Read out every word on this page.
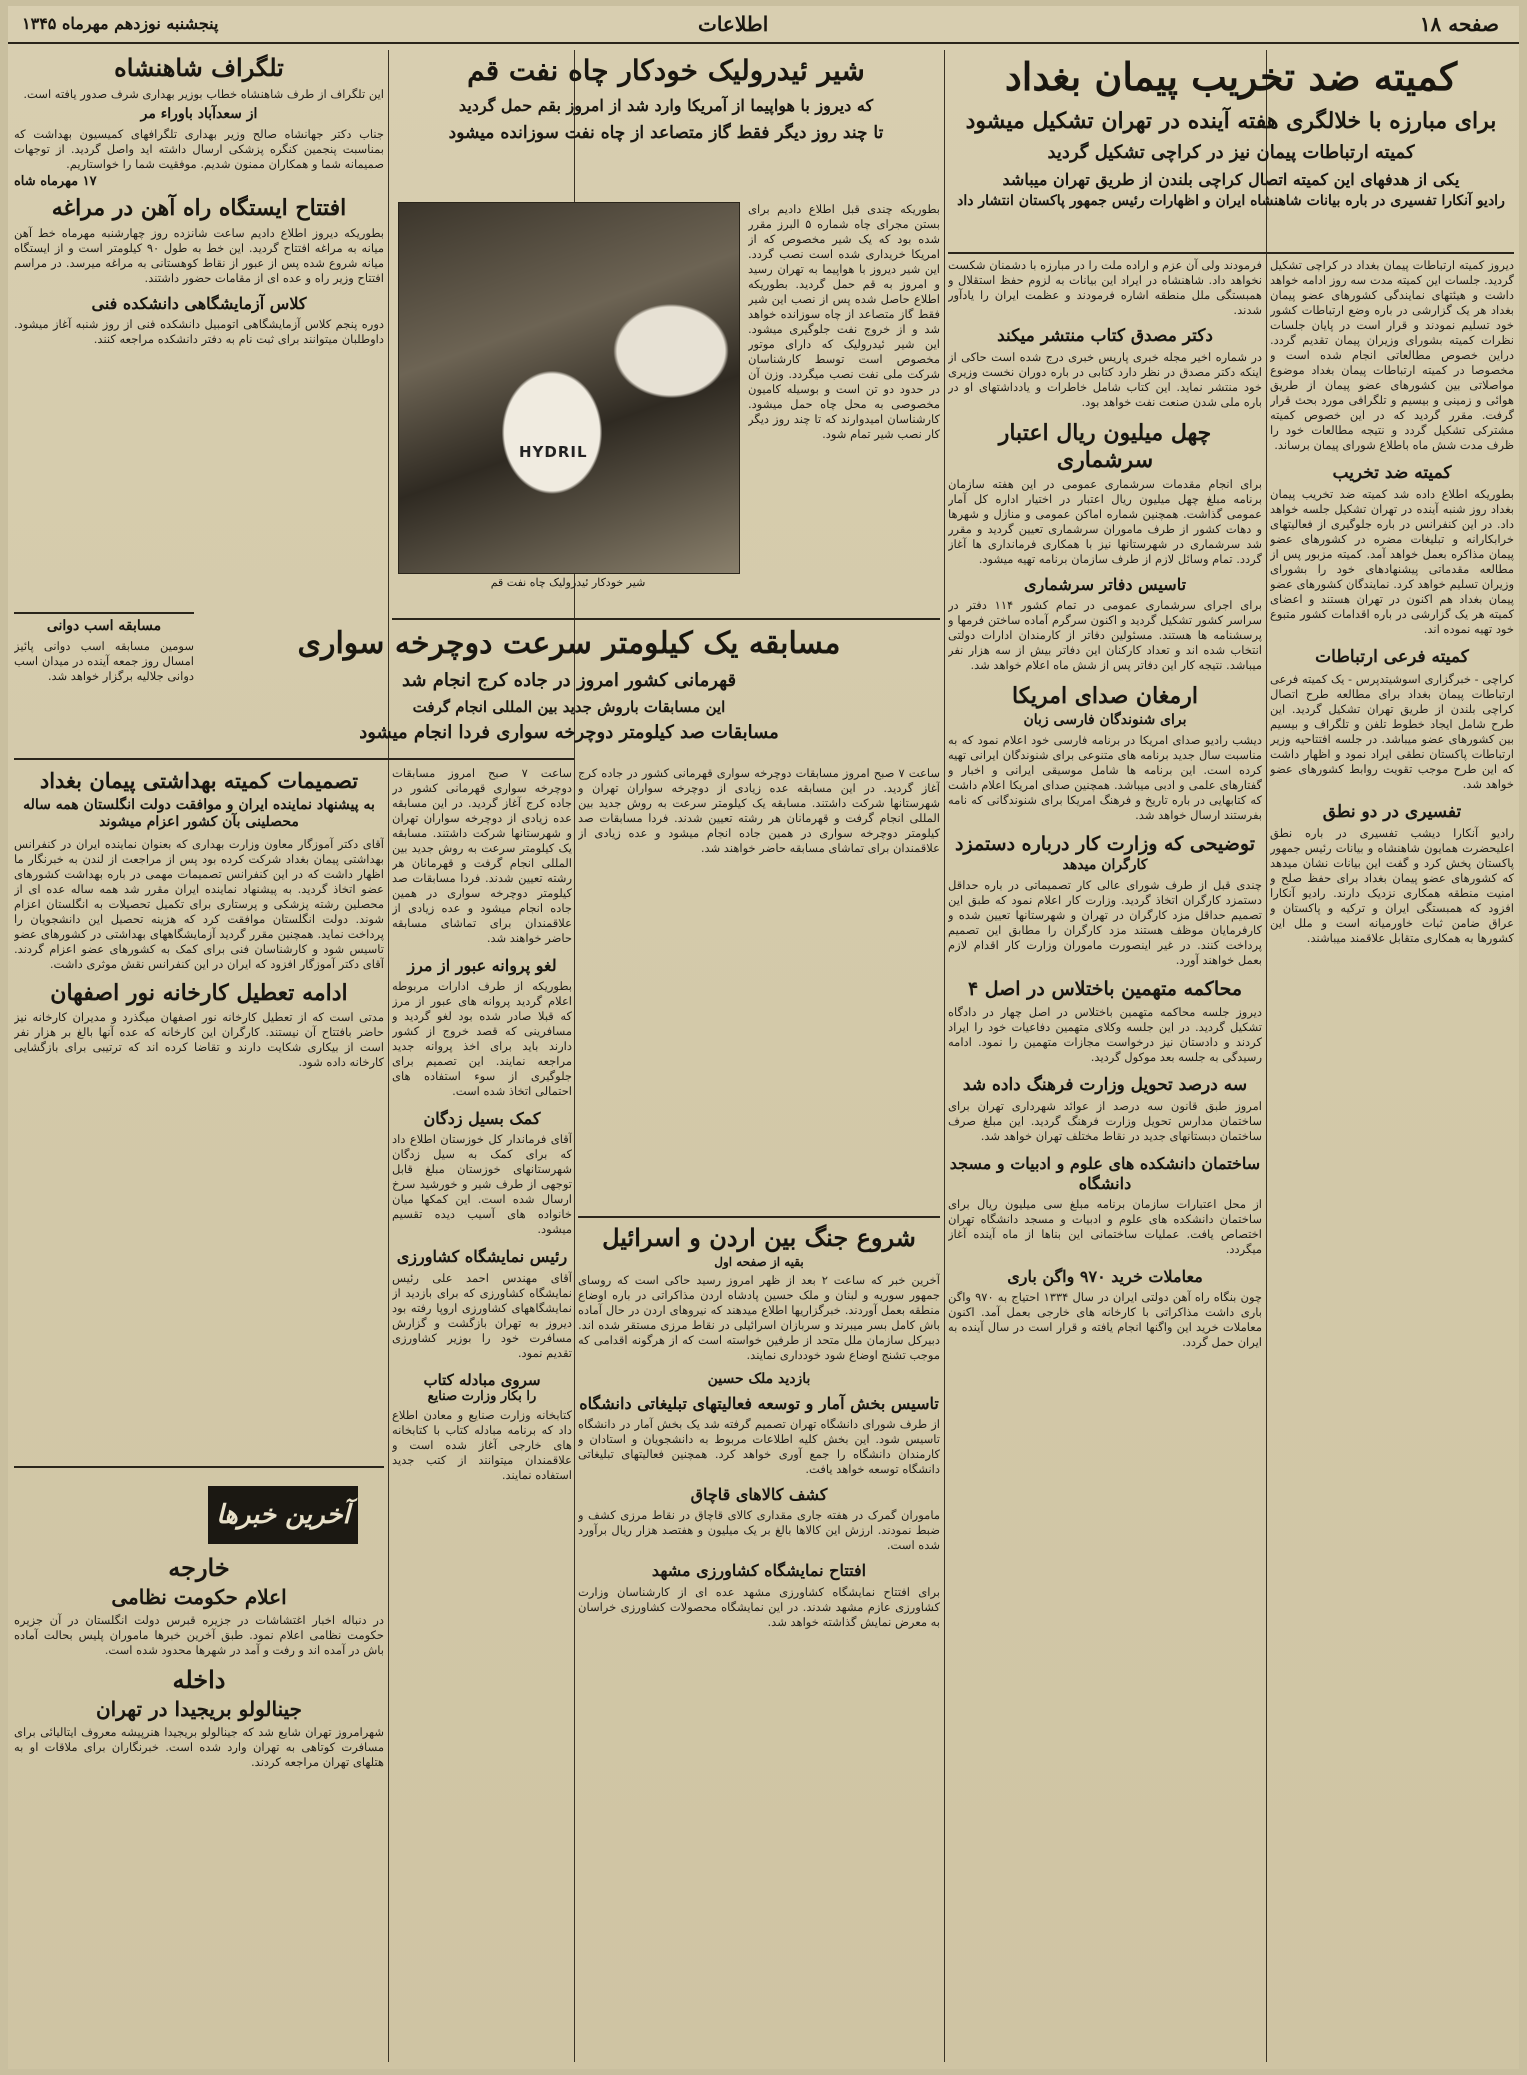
صفحه ۱۸
اطلاعات
پنجشنبه نوزدهم مهرماه ۱۳۴۵
کمیته ضد تخریب پیمان بغداد
برای مبارزه با خلالگری هفته آینده در تهران تشکیل میشود
کمیته ارتباطات پیمان نیز در کراچی تشکیل گردید
یکی از هدفهای این کمیته اتصال کراچی بلندن از طریق تهران میباشد
رادیو آنکارا تفسیری در باره بیانات شاهنشاه ایران و اظهارات رئیس جمهور پاکستان انتشار داد

دیروز کمیته ارتباطات پیمان بغداد در کراچی تشکیل گردید. جلسات این کمیته مدت سه روز ادامه خواهد داشت و هیئتهای نمایندگی کشورهای عضو پیمان بغداد هر یک گزارشی در باره وضع ارتباطات کشور خود تسلیم نمودند و قرار است در پایان جلسات نظرات کمیته بشورای وزیران پیمان تقدیم گردد. دراین خصوص مطالعاتی انجام شده است و مخصوصا در کمیته ارتباطات پیمان بغداد موضوع مواصلاتی بین کشورهای عضو پیمان از طریق هوائی و زمینی و بیسیم و تلگرافی مورد بحث قرار گرفت. مقرر گردید که در این خصوص کمیته مشترکی تشکیل گردد و نتیجه مطالعات خود را ظرف مدت شش ماه باطلاع شورای پیمان برساند.

کمیته ضد تخریب

بطوریکه اطلاع داده شد کمیته ضد تخریب پیمان بغداد روز شنبه آینده در تهران تشکیل جلسه خواهد داد. در این کنفرانس در باره جلوگیری از فعالیتهای خرابکارانه و تبلیغات مضره در کشورهای عضو پیمان مذاکره بعمل خواهد آمد. کمیته مزبور پس از مطالعه مقدماتی پیشنهادهای خود را بشورای وزیران تسلیم خواهد کرد. نمایندگان کشورهای عضو پیمان بغداد هم اکنون در تهران هستند و اعضای کمیته هر یک گزارشی در باره اقدامات کشور متبوع خود تهیه نموده اند.

کمیته فرعی ارتباطات

کراچی - خبرگزاری اسوشیتدپرس - یک کمیته فرعی ارتباطات پیمان بغداد برای مطالعه طرح اتصال کراچی بلندن از طریق تهران تشکیل گردید. این طرح شامل ایجاد خطوط تلفن و تلگراف و بیسیم بین کشورهای عضو میباشد. در جلسه افتتاحیه وزیر ارتباطات پاکستان نطقی ایراد نمود و اظهار داشت که این طرح موجب تقویت روابط کشورهای عضو خواهد شد.

تفسیری در دو نطق

رادیو آنکارا دیشب تفسیری در باره نطق اعلیحضرت همایون شاهنشاه و بیانات رئیس جمهور پاکستان پخش کرد و گفت این بیانات نشان میدهد که کشورهای عضو پیمان بغداد برای حفظ صلح و امنیت منطقه همکاری نزدیک دارند. رادیو آنکارا افزود که همبستگی ایران و ترکیه و پاکستان و عراق ضامن ثبات خاورمیانه است و ملل این کشورها به همکاری متقابل علاقمند میباشند.

فرمودند ولی آن عزم و اراده ملت را در مبارزه با دشمنان شکست نخواهد داد. شاهنشاه در ایراد این بیانات به لزوم حفظ استقلال و همبستگی ملل منطقه اشاره فرمودند و عظمت ایران را یادآور شدند.

دکتر مصدق کتاب منتشر میکند

در شماره اخیر مجله خبری پاریس خبری درج شده است حاکی از اینکه دکتر مصدق در نظر دارد کتابی در باره دوران نخست وزیری خود منتشر نماید. این کتاب شامل خاطرات و یادداشتهای او در باره ملی شدن صنعت نفت خواهد بود.

چهل میلیون ریال اعتبار سرشماری

برای انجام مقدمات سرشماری عمومی در این هفته سازمان برنامه مبلغ چهل میلیون ریال اعتبار در اختیار اداره کل آمار عمومی گذاشت. همچنین شماره اماکن عمومی و منازل و شهرها و دهات کشور از طرف ماموران سرشماری تعیین گردید و مقرر شد سرشماری در شهرستانها نیز با همکاری فرمانداری ها آغاز گردد. تمام وسائل لازم از طرف سازمان برنامه تهیه میشود.

تاسیس دفاتر سرشماری

برای اجرای سرشماری عمومی در تمام کشور ۱۱۴ دفتر در سراسر کشور تشکیل گردید و اکنون سرگرم آماده ساختن فرمها و پرسشنامه ها هستند. مسئولین دفاتر از کارمندان ادارات دولتی انتخاب شده اند و تعداد کارکنان این دفاتر بیش از سه هزار نفر میباشد. نتیجه کار این دفاتر پس از شش ماه اعلام خواهد شد.

ارمغان صدای امریکا
برای شنوندگان فارسی زبان

دیشب رادیو صدای امریکا در برنامه فارسی خود اعلام نمود که به مناسبت سال جدید برنامه های متنوعی برای شنوندگان ایرانی تهیه کرده است. این برنامه ها شامل موسیقی ایرانی و اخبار و گفتارهای علمی و ادبی میباشد. همچنین صدای امریکا اعلام داشت که کتابهایی در باره تاریخ و فرهنگ امریکا برای شنوندگانی که نامه بفرستند ارسال خواهد شد.

توضیحی که وزارت کار درباره دستمزد
کارگران میدهد

چندی قبل از طرف شورای عالی کار تصمیماتی در باره حداقل دستمزد کارگران اتخاذ گردید. وزارت کار اعلام نمود که طبق این تصمیم حداقل مزد کارگران در تهران و شهرستانها تعیین شده و کارفرمایان موظف هستند مزد کارگران را مطابق این تصمیم پرداخت کنند. در غیر اینصورت ماموران وزارت کار اقدام لازم بعمل خواهند آورد.

محاکمه متهمین باختلاس در اصل ۴

دیروز جلسه محاکمه متهمین باختلاس در اصل چهار در دادگاه تشکیل گردید. در این جلسه وکلای متهمین دفاعیات خود را ایراد کردند و دادستان نیز درخواست مجازات متهمین را نمود. ادامه رسیدگی به جلسه بعد موکول گردید.

سه درصد تحویل وزارت فرهنگ داده شد

امروز طبق قانون سه درصد از عوائد شهرداری تهران برای ساختمان مدارس تحویل وزارت فرهنگ گردید. این مبلغ صرف ساختمان دبستانهای جدید در نقاط مختلف تهران خواهد شد.

ساختمان دانشکده های علوم و ادبیات و مسجد دانشگاه

از محل اعتبارات سازمان برنامه مبلغ سی میلیون ریال برای ساختمان دانشکده های علوم و ادبیات و مسجد دانشگاه تهران اختصاص یافت. عملیات ساختمانی این بناها از ماه آینده آغاز میگردد.

معاملات خرید ۹۷۰ واگن باری

چون بنگاه راه آهن دولتی ایران در سال ۱۳۳۴ احتیاج به ۹۷۰ واگن باری داشت مذاکراتی با کارخانه های خارجی بعمل آمد. اکنون معاملات خرید این واگنها انجام یافته و قرار است در سال آینده به ایران حمل گردد.

شیر ئیدرولیک خودکار چاه نفت قم
که دیروز با هواپیما از آمریکا وارد شد از امروز بقم حمل گردید
تا چند روز دیگر فقط گاز متصاعد از چاه نفت سوزانده میشود
HYDRIL
شیر خودکار ئیدرولیک چاه نفت قم

بطوریکه چندی قبل اطلاع دادیم برای بستن مجرای چاه شماره ۵ البرز مقرر شده بود که یک شیر مخصوص که از امریکا خریداری شده است نصب گردد. این شیر دیروز با هواپیما به تهران رسید و امروز به قم حمل گردید. بطوریکه اطلاع حاصل شده پس از نصب این شیر فقط گاز متصاعد از چاه سوزانده خواهد شد و از خروج نفت جلوگیری میشود. این شیر ئیدرولیک که دارای موتور مخصوص است توسط کارشناسان شرکت ملی نفت نصب میگردد. وزن آن در حدود دو تن است و بوسیله کامیون مخصوصی به محل چاه حمل میشود. کارشناسان امیدوارند که تا چند روز دیگر کار نصب شیر تمام شود.

مسابقه یک کیلومتر سرعت دوچرخه سواری
قهرمانی کشور امروز در جاده کرج انجام شد
این مسابقات باروش جدید بین المللی انجام گرفت
مسابقات صد کیلومتر دوچرخه سواری فردا انجام میشود

ساعت ۷ صبح امروز مسابقات دوچرخه سواری قهرمانی کشور در جاده کرج آغاز گردید. در این مسابقه عده زیادی از دوچرخه سواران تهران و شهرستانها شرکت داشتند. مسابقه یک کیلومتر سرعت به روش جدید بین المللی انجام گرفت و قهرمانان هر رشته تعیین شدند. فردا مسابقات صد کیلومتر دوچرخه سواری در همین جاده انجام میشود و عده زیادی از علاقمندان برای تماشای مسابقه حاضر خواهند شد.

شروع جنگ بین اردن و اسرائیل
بقیه از صفحه اول

آخرین خبر که ساعت ۲ بعد از ظهر امروز رسید حاکی است که روسای جمهور سوریه و لبنان و ملک حسین پادشاه اردن مذاکراتی در باره اوضاع منطقه بعمل آوردند. خبرگزاریها اطلاع میدهند که نیروهای اردن در حال آماده باش کامل بسر میبرند و سربازان اسرائیلی در نقاط مرزی مستقر شده اند. دبیرکل سازمان ملل متحد از طرفین خواسته است که از هرگونه اقدامی که موجب تشنج اوضاع شود خودداری نمایند.

بازدید ملک حسین
تاسیس بخش آمار و توسعه فعالیتهای تبلیغاتی دانشگاه

از طرف شورای دانشگاه تهران تصمیم گرفته شد یک بخش آمار در دانشگاه تاسیس شود. این بخش کلیه اطلاعات مربوط به دانشجویان و استادان و کارمندان دانشگاه را جمع آوری خواهد کرد. همچنین فعالیتهای تبلیغاتی دانشگاه توسعه خواهد یافت.

کشف کالاهای قاچاق

ماموران گمرک در هفته جاری مقداری کالای قاچاق در نقاط مرزی کشف و ضبط نمودند. ارزش این کالاها بالغ بر یک میلیون و هفتصد هزار ریال برآورد شده است.

افتتاح نمایشگاه کشاورزی مشهد

برای افتتاح نمایشگاه کشاورزی مشهد عده ای از کارشناسان وزارت کشاورزی عازم مشهد شدند. در این نمایشگاه محصولات کشاورزی خراسان به معرض نمایش گذاشته خواهد شد.

ساعت ۷ صبح امروز مسابقات دوچرخه سواری قهرمانی کشور در جاده کرج آغاز گردید. در این مسابقه عده زیادی از دوچرخه سواران تهران و شهرستانها شرکت داشتند. مسابقه یک کیلومتر سرعت به روش جدید بین المللی انجام گرفت و قهرمانان هر رشته تعیین شدند. فردا مسابقات صد کیلومتر دوچرخه سواری در همین جاده انجام میشود و عده زیادی از علاقمندان برای تماشای مسابقه حاضر خواهند شد.

لغو پروانه عبور از مرز

بطوریکه از طرف ادارات مربوطه اعلام گردید پروانه های عبور از مرز که قبلا صادر شده بود لغو گردید و مسافرینی که قصد خروج از کشور دارند باید برای اخذ پروانه جدید مراجعه نمایند. این تصمیم برای جلوگیری از سوء استفاده های احتمالی اتخاذ شده است.

کمک بسیل زدگان

آقای فرماندار کل خوزستان اطلاع داد که برای کمک به سیل زدگان شهرستانهای خوزستان مبلغ قابل توجهی از طرف شیر و خورشید سرخ ارسال شده است. این کمکها میان خانواده های آسیب دیده تقسیم میشود.

رئیس نمایشگاه کشاورزی

آقای مهندس احمد علی رئیس نمایشگاه کشاورزی که برای بازدید از نمایشگاههای کشاورزی اروپا رفته بود دیروز به تهران بازگشت و گزارش مسافرت خود را بوزیر کشاورزی تقدیم نمود.

سروی مبادله کتاب
را بکار وزارت صنایع

کتابخانه وزارت صنایع و معادن اطلاع داد که برنامه مبادله کتاب با کتابخانه های خارجی آغاز شده است و علاقمندان میتوانند از کتب جدید استفاده نمایند.

تلگراف شاهنشاه

این تلگراف از طرف شاهنشاه خطاب بوزیر بهداری شرف صدور یافته است.

از سعدآباد باوراء مر

جناب دکتر جهانشاه صالح وزیر بهداری تلگرافهای کمیسیون بهداشت که بمناسبت پنجمین کنگره پزشکی ارسال داشته اید واصل گردید. از توجهات صمیمانه شما و همکاران ممنون شدیم. موفقیت شما را خواستاریم.

۱۷ مهرماه شاه
افتتاح ایستگاه راه آهن در مراغه

بطوریکه دیروز اطلاع دادیم ساعت شانزده روز چهارشنبه مهرماه خط آهن میانه به مراغه افتتاح گردید. این خط به طول ۹۰ کیلومتر است و از ایستگاه میانه شروع شده پس از عبور از نقاط کوهستانی به مراغه میرسد. در مراسم افتتاح وزیر راه و عده ای از مقامات حضور داشتند.

کلاس آزمایشگاهی دانشکده فنی

دوره پنجم کلاس آزمایشگاهی اتومبیل دانشکده فنی از روز شنبه آغاز میشود. داوطلبان میتوانند برای ثبت نام به دفتر دانشکده مراجعه کنند.

مسابقه اسب دوانی

سومین مسابقه اسب دوانی پائیز امسال روز جمعه آینده در میدان اسب دوانی جلالیه برگزار خواهد شد.

تصمیمات کمیته بهداشتی پیمان بغداد
به پیشنهاد نماینده ایران و موافقت دولت انگلستان همه ساله محصلینی بآن کشور اعزام میشوند

آقای دکتر آموزگار معاون وزارت بهداری که بعنوان نماینده ایران در کنفرانس بهداشتی پیمان بغداد شرکت کرده بود پس از مراجعت از لندن به خبرنگار ما اظهار داشت که در این کنفرانس تصمیمات مهمی در باره بهداشت کشورهای عضو اتخاذ گردید. به پیشنهاد نماینده ایران مقرر شد همه ساله عده ای از محصلین رشته پزشکی و پرستاری برای تکمیل تحصیلات به انگلستان اعزام شوند. دولت انگلستان موافقت کرد که هزینه تحصیل این دانشجویان را پرداخت نماید. همچنین مقرر گردید آزمایشگاههای بهداشتی در کشورهای عضو تاسیس شود و کارشناسان فنی برای کمک به کشورهای عضو اعزام گردند. آقای دکتر آموزگار افزود که ایران در این کنفرانس نقش موثری داشت.

ادامه تعطیل کارخانه نور اصفهان

مدتی است که از تعطیل کارخانه نور اصفهان میگذرد و مدیران کارخانه نیز حاضر بافتتاح آن نیستند. کارگران این کارخانه که عده آنها بالغ بر هزار نفر است از بیکاری شکایت دارند و تقاضا کرده اند که ترتیبی برای بازگشایی کارخانه داده شود.

آخرین خبرها
خارجه
اعلام حکومت نظامی

در دنباله اخبار اغتشاشات در جزیره قبرس دولت انگلستان در آن جزیره حکومت نظامی اعلام نمود. طبق آخرین خبرها ماموران پلیس بحالت آماده باش در آمده اند و رفت و آمد در شهرها محدود شده است.

داخله
جینالولو بریجیدا در تهران

شهرامروز تهران شایع شد که جینالولو بریجیدا هنرپیشه معروف ایتالیائی برای مسافرت کوتاهی به تهران وارد شده است. خبرنگاران برای ملاقات او به هتلهای تهران مراجعه کردند.
